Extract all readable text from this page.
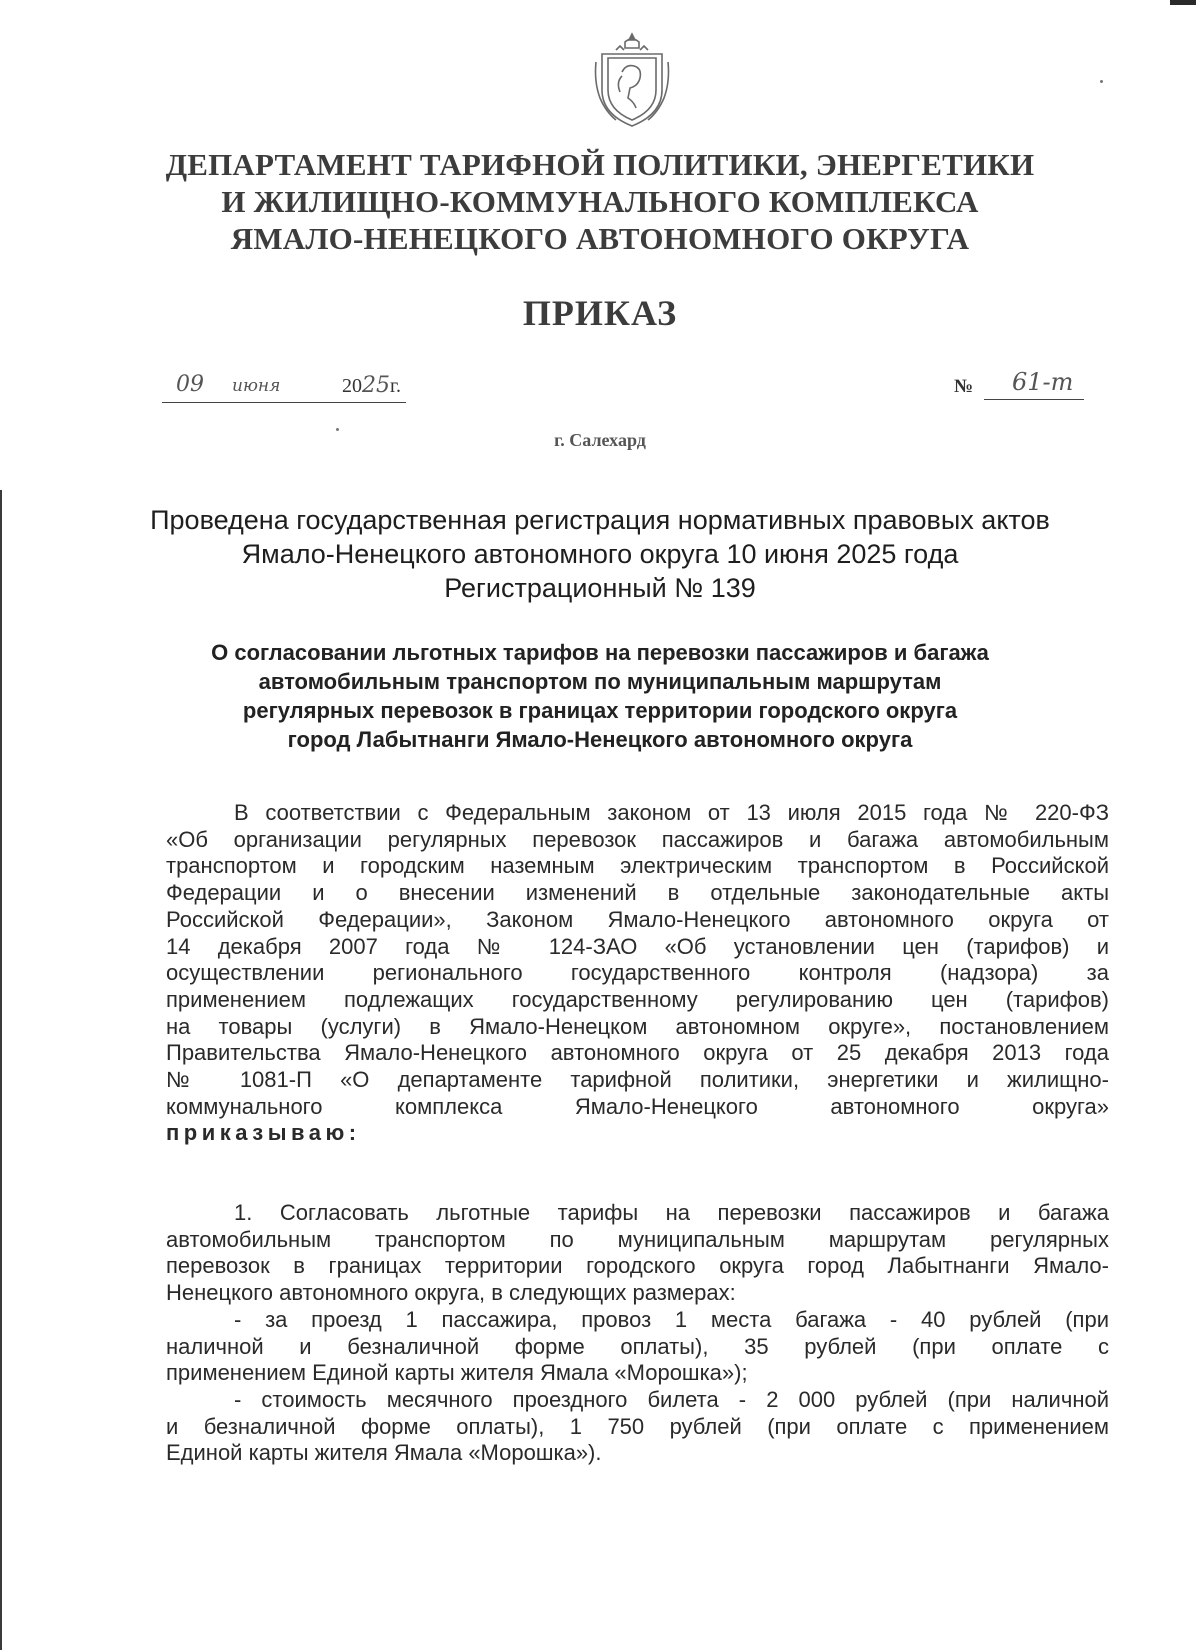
ДЕПАРТАМЕНТ ТАРИФНОЙ ПОЛИТИКИ, ЭНЕРГЕТИКИ
И ЖИЛИЩНО-КОММУНАЛЬНОГО КОМПЛЕКСА
ЯМАЛО-НЕНЕЦКОГО АВТОНОМНОГО ОКРУГА
ПРИКАЗ
09 июня	2025г.	№	61-т
г. Салехард
Проведена государственная регистрация нормативных правовых актов
Ямало-Ненецкого автономного округа 10 июня 2025 года
Регистрационный № 139
О согласовании льготных тарифов на перевозки пассажиров и багажа
автомобильным транспортом по муниципальным маршрутам
регулярных перевозок в границах территории городского округа
город Лабытнанги Ямало-Ненецкого автономного округа
В соответствии с Федеральным законом от 13 июля 2015 года № 220-ФЗ
«Об организации регулярных перевозок пассажиров и багажа автомобильным
транспортом и городским наземным электрическим транспортом в Российской
Федерации и о внесении изменений в отдельные законодательные акты
Российской Федерации», Законом Ямало-Ненецкого автономного округа от
14 декабря 2007 года № 124-ЗАО «Об установлении цен (тарифов) и
осуществлении регионального государственного контроля (надзора) за
применением подлежащих государственному регулированию цен (тарифов)
на товары (услуги) в Ямало-Ненецком автономном округе», постановлением
Правительства Ямало-Ненецкого автономного округа от 25 декабря 2013 года
№ 1081-П «О департаменте тарифной политики, энергетики и жилищно-
коммунального комплекса Ямало-Ненецкого автономного округа»
приказываю:
1. Согласовать льготные тарифы на перевозки пассажиров и багажа
автомобильным транспортом по муниципальным маршрутам регулярных
перевозок в границах территории городского округа город Лабытнанги Ямало-
Ненецкого автономного округа, в следующих размерах:
- за проезд 1 пассажира, провоз 1 места багажа - 40 рублей (при
наличной и безналичной форме оплаты), 35 рублей (при оплате с
применением Единой карты жителя Ямала «Морошка»);
- стоимость месячного проездного билета - 2 000 рублей (при наличной
и безналичной форме оплаты), 1 750 рублей (при оплате с применением
Единой карты жителя Ямала «Морошка»).
